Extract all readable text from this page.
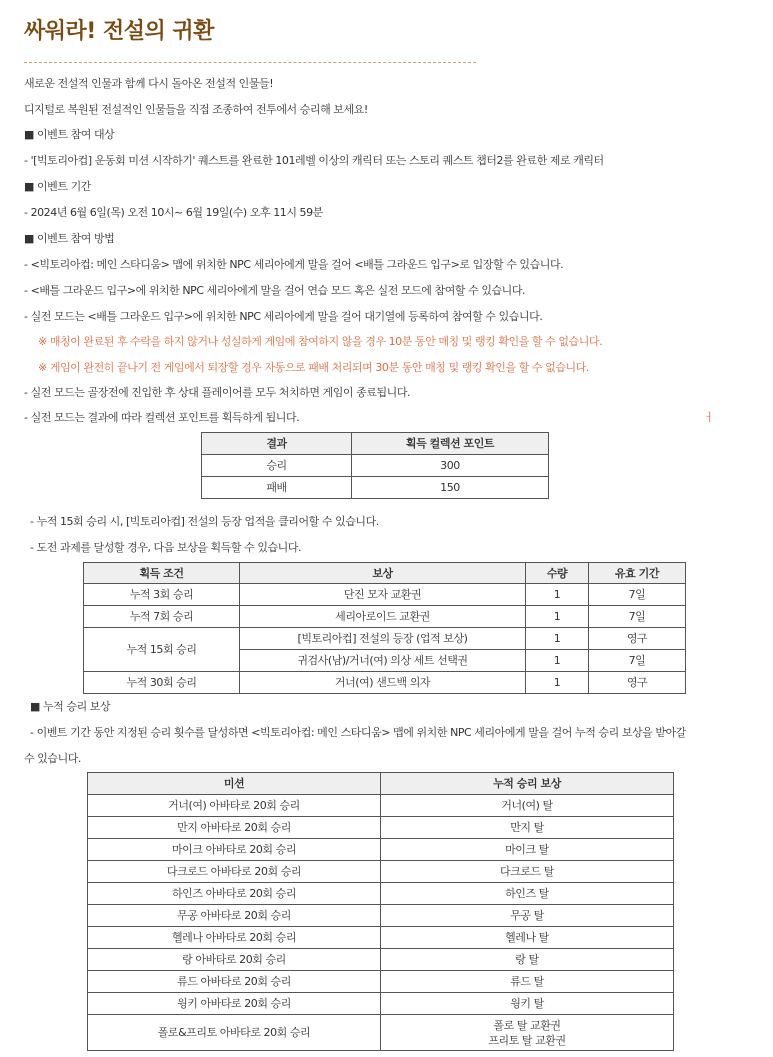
싸워라! 전설의 귀환
새로운 전설적 인물과 함께 다시 돌아온 전설적 인물들!
디지털로 복원된 전설적인 인물들을 직접 조종하여 전투에서 승리해 보세요!
■ 이벤트 참여 대상
- '[빅토리아컵] 운동회 미션 시작하기' 퀘스트를 완료한 101레벨 이상의 캐릭터 또는 스토리 퀘스트 챕터2를 완료한 제로 캐릭터
■ 이벤트 기간
- 2024년 6월 6일(목) 오전 10시~ 6월 19일(수) 오후 11시 59분
■ 이벤트 참여 방법
- <빅토리아컵: 메인 스타디움> 맵에 위치한 NPC 세리아에게 말을 걸어 <배틀 그라운드 입구>로 입장할 수 있습니다.
- <배틀 그라운드 입구>에 위치한 NPC 세리아에게 말을 걸어 연습 모드 혹은 실전 모드에 참여할 수 있습니다.
- 실전 모드는 <배틀 그라운드 입구>에 위치한 NPC 세리아에게 말을 걸어 대기열에 등록하여 참여할 수 있습니다.
※ 매칭이 완료된 후 수락을 하지 않거나 성실하게 게임에 참여하지 않을 경우 10분 동안 매칭 및 랭킹 확인을 할 수 없습니다.
※ 게임이 완전히 끝나기 전 게임에서 퇴장할 경우 자동으로 패배 처리되며 30분 동안 매칭 및 랭킹 확인을 할 수 없습니다.
- 실전 모드는 골장전에 진입한 후 상대 플레이어를 모두 처치하면 게임이 종료됩니다.
- 실전 모드는 결과에 따라 컬렉션 포인트를 획득하게 됩니다.	ㅓ
결과	획득 컬렉션 포인트
승리	300
패배	150
- 누적 15회 승리 시, [빅토리아컵] 전설의 등장 업적을 클리어할 수 있습니다.
- 도전 과제를 달성할 경우, 다음 보상을 획득할 수 있습니다.
획득 조건	보상	수량	유효 기간
누적 3회 승리	단진 모자 교환권	1	7일
누적 7회 승리	세리아로이드 교환권	1	7일
누적 15회 승리	[빅토리아컵] 전설의 등장 (업적 보상)	1	영구
	귀검사(남)/거너(여) 의상 세트 선택권	1	7일
누적 30회 승리	거너(여) 샌드백 의자	1	영구
■ 누적 승리 보상
- 이벤트 기간 동안 지정된 승리 횟수를 달성하면 <빅토리아컵: 메인 스타디움> 맵에 위치한 NPC 세리아에게 말을 걸어 누적 승리 보상을 받아갈
수 있습니다.
미션	누적 승리 보상
거너(여) 아바타로 20회 승리	거너(여) 탈
만지 아바타로 20회 승리	만지 탈
마이크 아바타로 20회 승리	마이크 탈
다크로드 아바타로 20회 승리	다크로드 탈
하인즈 아바타로 20회 승리	하인즈 탈
무공 아바타로 20회 승리	무공 탈
헬레나 아바타로 20회 승리	헬레나 탈
랑 아바타로 20회 승리	랑 탈
류드 아바타로 20회 승리	류드 탈
웡키 아바타로 20회 승리	웡키 탈
폴로&프리토 아바타로 20회 승리	폴로 탈 교환권
프리토 탈 교환권
